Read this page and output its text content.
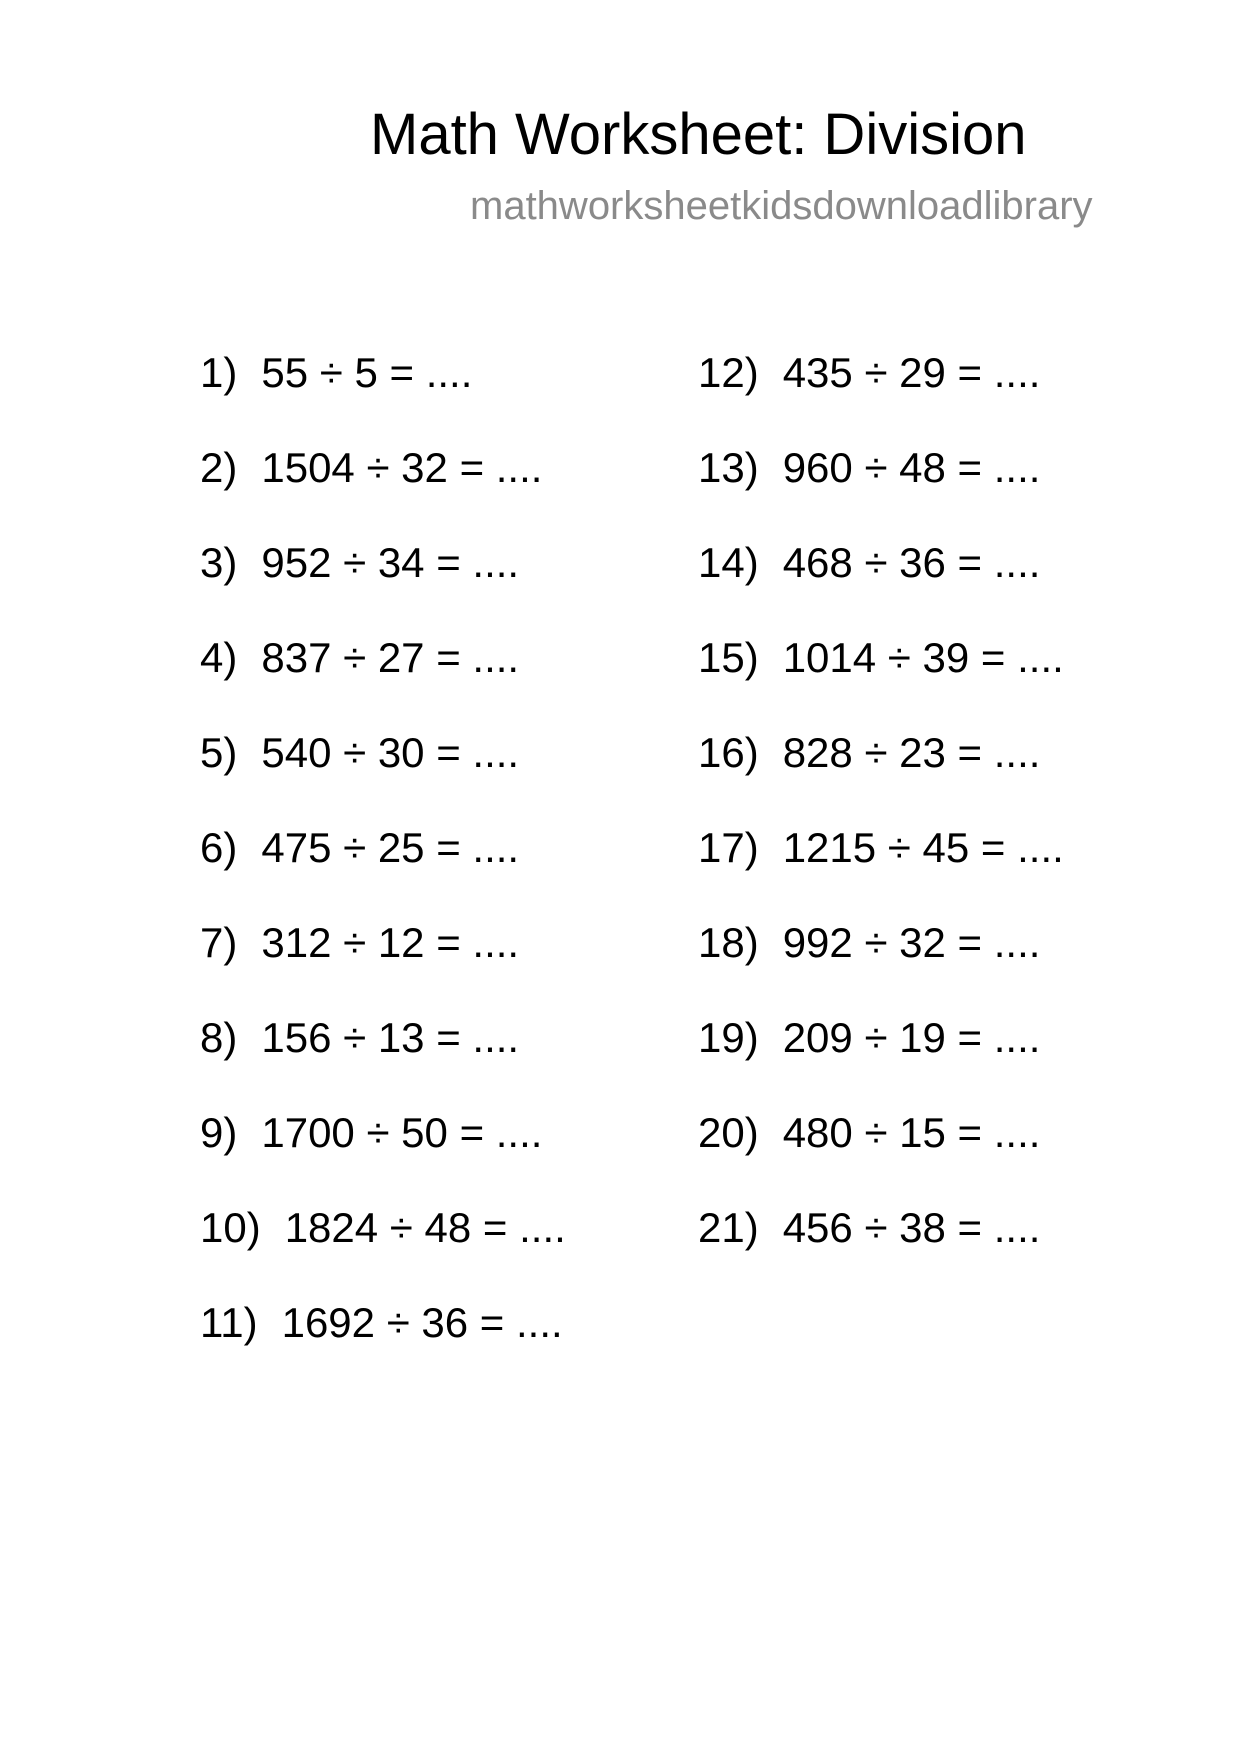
Math Worksheet: Division
mathworksheetkidsdownloadlibrary
1) 55 ÷ 5 = ....
2) 1504 ÷ 32 = ....
3) 952 ÷ 34 = ....
4) 837 ÷ 27 = ....
5) 540 ÷ 30 = ....
6) 475 ÷ 25 = ....
7) 312 ÷ 12 = ....
8) 156 ÷ 13 = ....
9) 1700 ÷ 50 = ....
10) 1824 ÷ 48 = ....
11) 1692 ÷ 36 = ....
12) 435 ÷ 29 = ....
13) 960 ÷ 48 = ....
14) 468 ÷ 36 = ....
15) 1014 ÷ 39 = ....
16) 828 ÷ 23 = ....
17) 1215 ÷ 45 = ....
18) 992 ÷ 32 = ....
19) 209 ÷ 19 = ....
20) 480 ÷ 15 = ....
21) 456 ÷ 38 = ....
